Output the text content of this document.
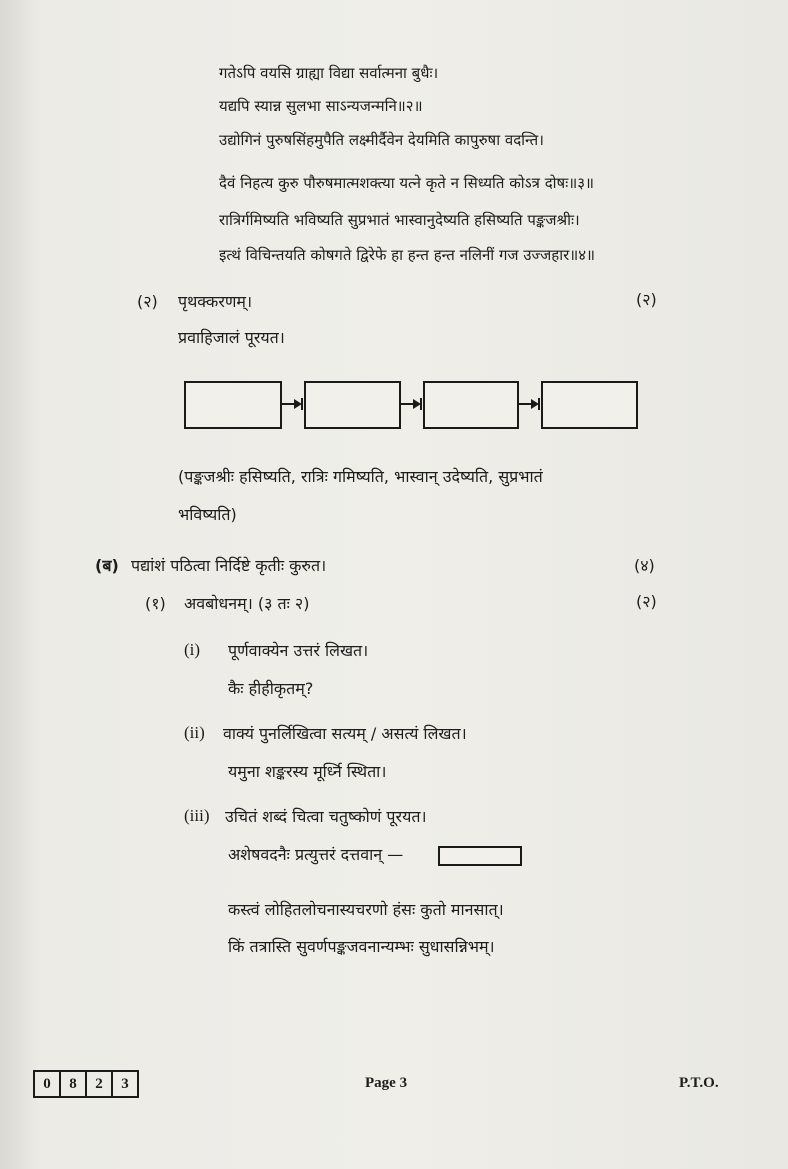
गतेऽपि वयसि ग्राह्या विद्या सर्वात्मना बुधैः।
यद्यपि स्यान्न सुलभा साऽन्यजन्मनि॥२॥
उद्योगिनं पुरुषसिंहमुपैति लक्ष्मीर्दैवेन देयमिति कापुरुषा वदन्ति।
दैवं निहत्य कुरु पौरुषमात्मशक्त्या यत्ने कृते न सिध्यति कोऽत्र दोषः॥३॥
रात्रिर्गमिष्यति भविष्यति सुप्रभातं भास्वानुदेष्यति हसिष्यति पङ्कजश्रीः।
इत्थं विचिन्तयति कोषगते द्विरेफे हा हन्त हन्त नलिनीं गज उज्जहार॥४॥
(२) पृथक्करणम्।	(२)
प्रवाहिजालं पूरयत।
(पङ्कजश्रीः हसिष्यति, रात्रिः गमिष्यति, भास्वान् उदेष्यति, सुप्रभातं
भविष्यति)
(ब) पद्यांशं पठित्वा निर्दिष्टे कृतीः कुरुत।	(४)
(१) अवबोधनम्। (३ तः २)	(२)
(i) पूर्णवाक्येन उत्तरं लिखत।
कैः हीहीकृतम्?
(ii) वाक्यं पुनर्लिखित्वा सत्यम् / असत्यं लिखत।
यमुना शङ्करस्य मूर्ध्नि स्थिता।
(iii) उचितं शब्दं चित्वा चतुष्कोणं पूरयत।
अशेषवदनैः प्रत्युत्तरं दत्तवान् —
कस्त्वं लोहितलोचनास्यचरणो हंसः कुतो मानसात्।
किं तत्रास्ति सुवर्णपङ्कजवनान्यम्भः सुधासन्निभम्।
0	8	2	3	Page 3	P.T.O.
